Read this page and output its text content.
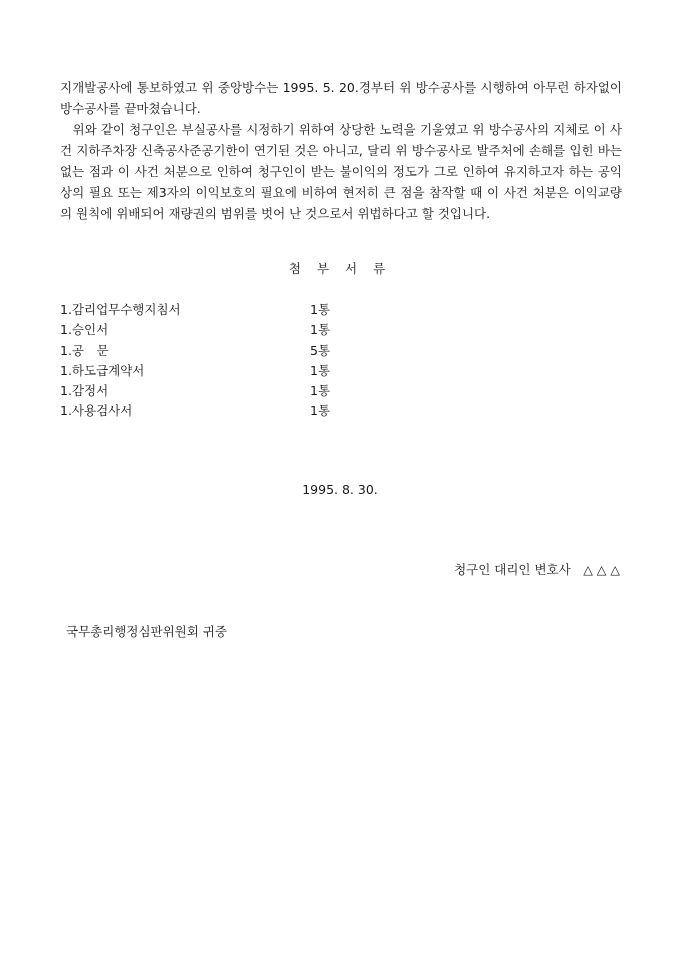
지개발공사에 통보하였고 위 중앙방수는 1995. 5. 20.경부터 위 방수공사를 시행하여 아무런 하자없이 방수공사를 끝마쳤습니다.

위와 같이 청구인은 부실공사를 시정하기 위하여 상당한 노력을 기울였고 위 방수공사의 지체로 이 사건 지하주차장 신축공사준공기한이 연기된 것은 아니고, 달리 위 방수공사로 발주처에 손해를 입힌 바는 없는 점과 이 사건 처분으로 인하여 청구인이 받는 불이익의 정도가 그로 인하여 유지하고자 하는 공익상의 필요 또는 제3자의 이익보호의 필요에 비하여 현저히 큰 점을 참작할 때 이 사건 처분은 이익교량의 원칙에 위배되어 재량권의 범위를 벗어 난 것으로서 위법하다고 할 것입니다.

첨 부 서 류
1.감리업무수행지침서	1통
1.승인서	1통
1.공　문	5통
1.하도급계약서	1통
1.감정서	1통
1.사용검사서	1통
1995. 8. 30.
청구인 대리인 변호사　△ △ △
국무총리행정심판위원회 귀중
